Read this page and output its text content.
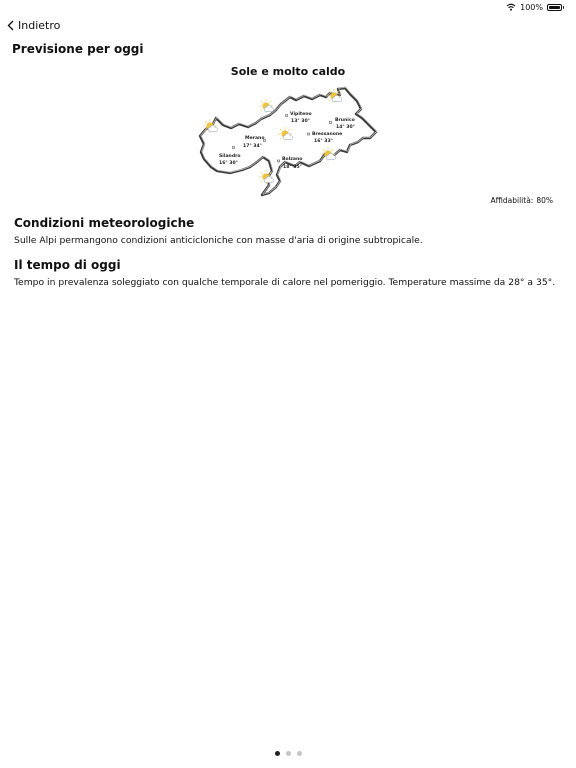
100%
Indietro
Previsione per oggi
Sole e molto caldo
Vipiteno
13° 30°	Brunico
14° 30°
Bressanone
16° 33°
Merano
17° 34°
Silandro
16° 30°
Bolzano
18° 35°
Affidabilità: 80%
Condizioni meteorologiche
Sulle Alpi permangono condizioni anticicloniche con masse d'aria di origine subtropicale.
Il tempo di oggi
Tempo in prevalenza soleggiato con qualche temporale di calore nel pomeriggio. Temperature massime da 28° a 35°.
